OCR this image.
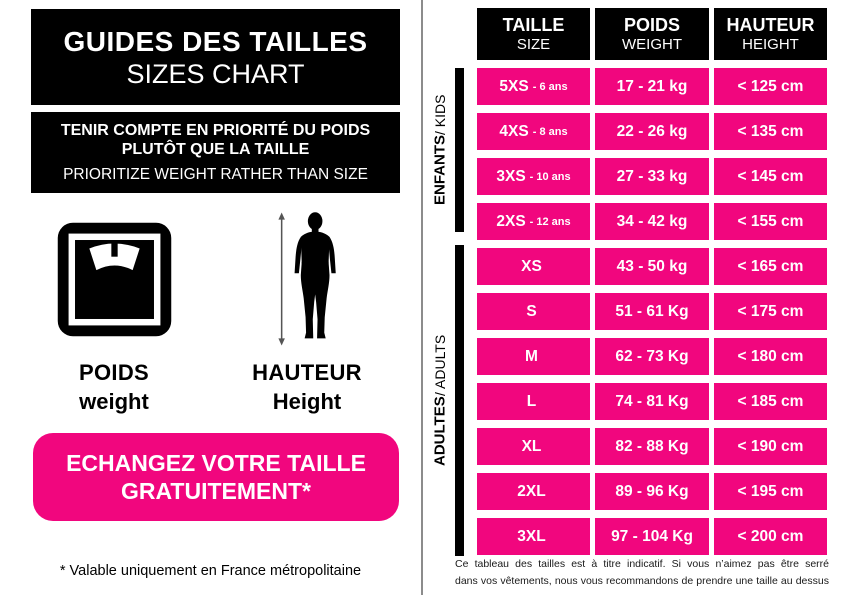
GUIDES DES TAILLES
SIZES CHART
TENIR COMPTE EN PRIORITÉ DU POIDS
PLUTÔT QUE LA TAILLE
PRIORITIZE WEIGHT RATHER THAN SIZE
POIDS
weight
HAUTEUR
Height
ECHANGEZ VOTRE TAILLE
GRATUITEMENT*
* Valable uniquement en France métropolitaine
ENFANTS
/ KIDS
ADULTES
/ ADULTS
TAILLE
SIZE
POIDS
WEIGHT
HAUTEUR
HEIGHT
5XS - 6 ans	17 - 21 kg	< 125 cm
4XS - 8 ans	22 - 26 kg	< 135 cm
3XS - 10 ans	27 - 33 kg	< 145 cm
2XS - 12 ans	34 - 42 kg	< 155 cm
XS	43 - 50 kg	< 165 cm
S	51 - 61 Kg	< 175 cm
M	62 - 73 Kg	< 180 cm
L	74 - 81 Kg	< 185 cm
XL	82 - 88 Kg	< 190 cm
2XL	89 - 96 Kg	< 195 cm
3XL	97 - 104 Kg	< 200 cm
Ce tableau des tailles est à titre indicatif. Si vous n’aimez pas être serré
dans vos vêtements, nous vous recommandons de prendre une taille au dessus
